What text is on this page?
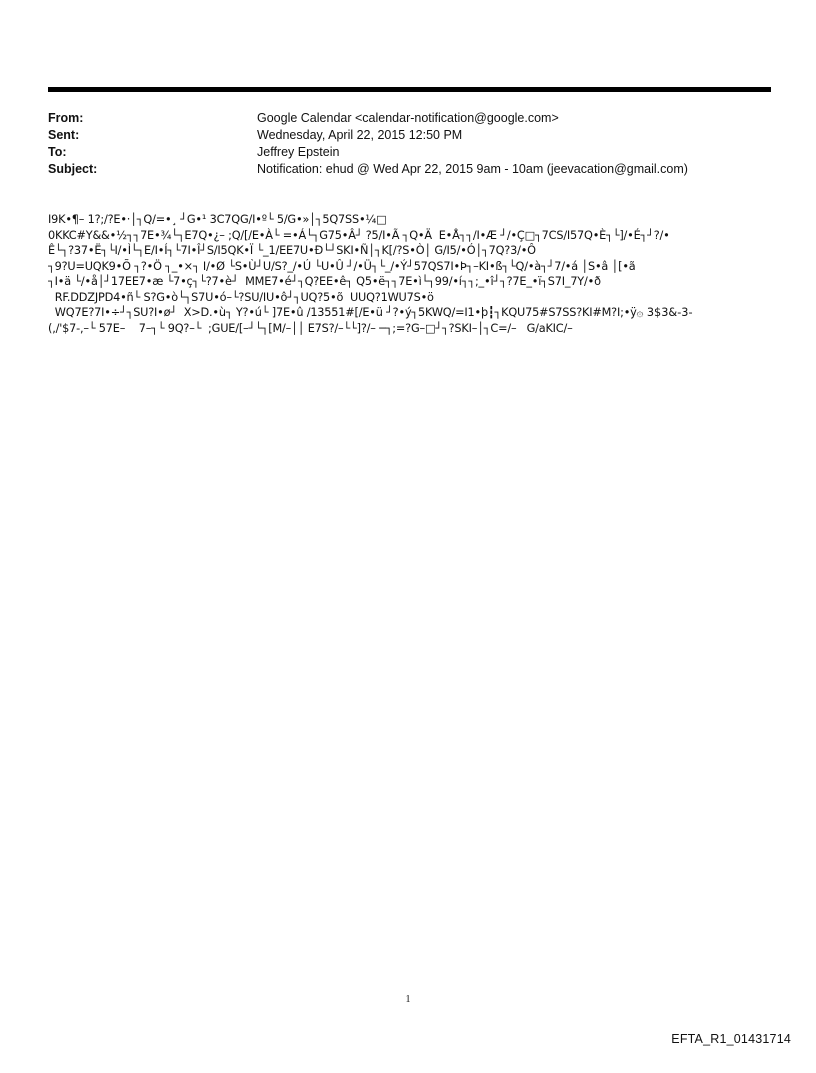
From:	Google Calendar <calendar-notification@google.com>
Sent:	Wednesday, April 22, 2015 12:50 PM
To:	Jeffrey Epstein
Subject:	Notification: ehud @ Wed Apr 22, 2015 9am - 10am (jeevacation@gmail.com)
I9K•¶– 1?;/?E•·│┐Q/=•¸ ┘G•¹ 3C7QG/I•º└ 5/G•»│┐5Q7SS•¼□
0KKC#Y&&•½┐┐7E•¾└┐E7Q•¿– ;Q/[/E•À└ =•Á└┐G75•Â┘ ?5/I•Ã ┐Q•Ä  E•Å┐┐/I•Æ ┘/•Ç□┐7CS/I57Q•È┐└]/•É┐┘?/•
Ê└┐?37•Ë┐└I/•Ì└┐E/I•Í┐└7I•Î┘S/I5QK•Ï └_1/EE7U•Ð└┘SKI•Ñ│┐K[/?S•Ò│ G/I5/•Ó│┐7Q?3/•Ô
┐9?U=UQK9•Õ ┐?•Ö ┐_•×┐ I/•Ø └S•Ù┘U/S?_/•Ú └U•Û ┘/•Ü┐└_/•Ý┘57QS7I•Þ┐–KI•ß┐└Q/•à┐┘7/•á │S•â │[•ã
┐I•ä └/•å│┘17EE7•æ └7•ç┐└?7•è┘  MME7•é┘┐Q?EE•ê┐ Q5•ë┐┐7E•ì└┐99/•í┐┐;_•î┘┐?7E_•ï┐S7I_7Y/•ð
RF.DDZJPD4•ñ└ S?G•ò└┐S7U•ó–└?SU/IU•ô┘┐UQ?5•õ  UUQ?1WU7S•ö
WQ7E?7I•÷┘┐SU?I•ø┘  X>D.•ù┐ Y?•ú└ ]7E•û /13551#[/E•ü ┘?•ý┐5KWQ/=I1•þ┇┐KQU75#S7SS?KI#M?I;•ÿ۞ 3$3&-3-
(,/'$7-,–└ 57E–    7–┐└ 9Q?–└  ;GUE/[–┘└┐[M/–││ E7S?/–└└]?/– ─┐;=?G–□┘┐?SKI–│┐C=/–   G/aKIC/–
1
EFTA_R1_01431714
